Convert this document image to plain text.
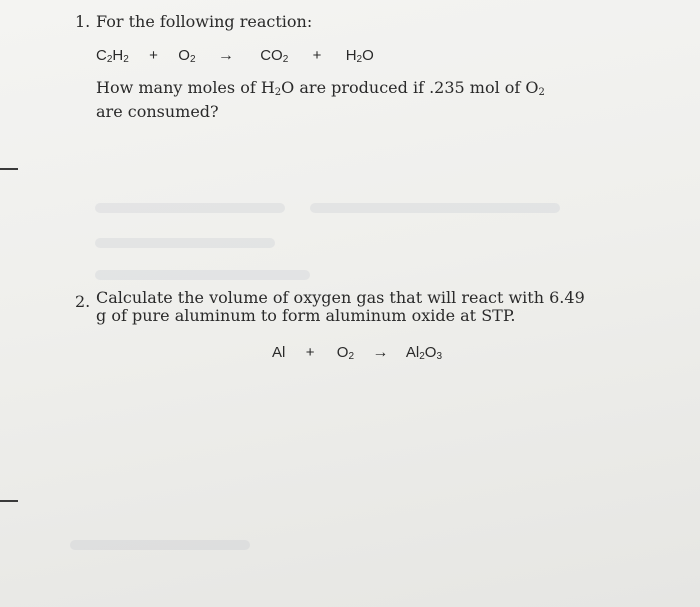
1. For the following reaction:
$C_2H_2 + O_2 \to CO_2 + H_2O$
How many moles of $H_2O$ are produced if .235 mol of $O_2$ are consumed?
2. Calculate the volume of oxygen gas that will react with 6.49 g of pure aluminum to form aluminum oxide at STP.
$Al + O_2 \to Al_2O_3$
